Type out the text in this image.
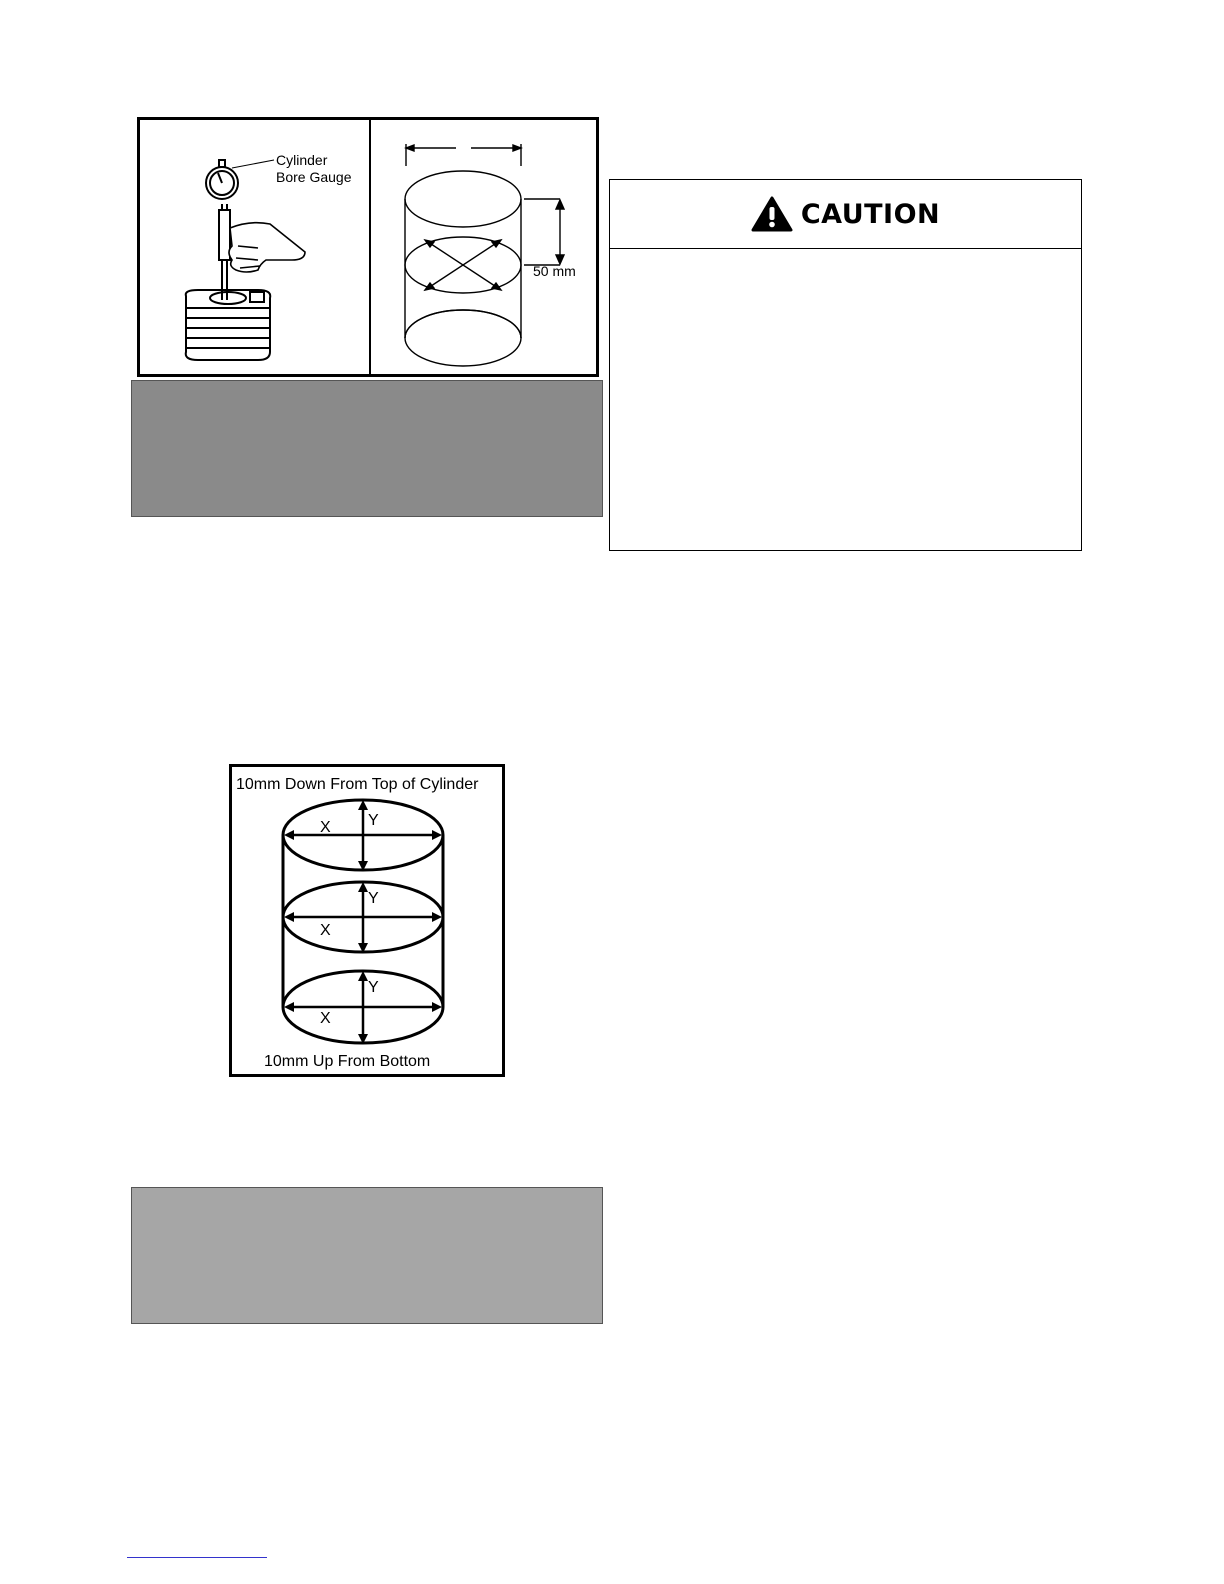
Cylinder
Bore Gauge
50 mm
CAUTION
10mm Down From Top of Cylinder
X Y
X
Y
X
Y
10mm Up From Bottom
